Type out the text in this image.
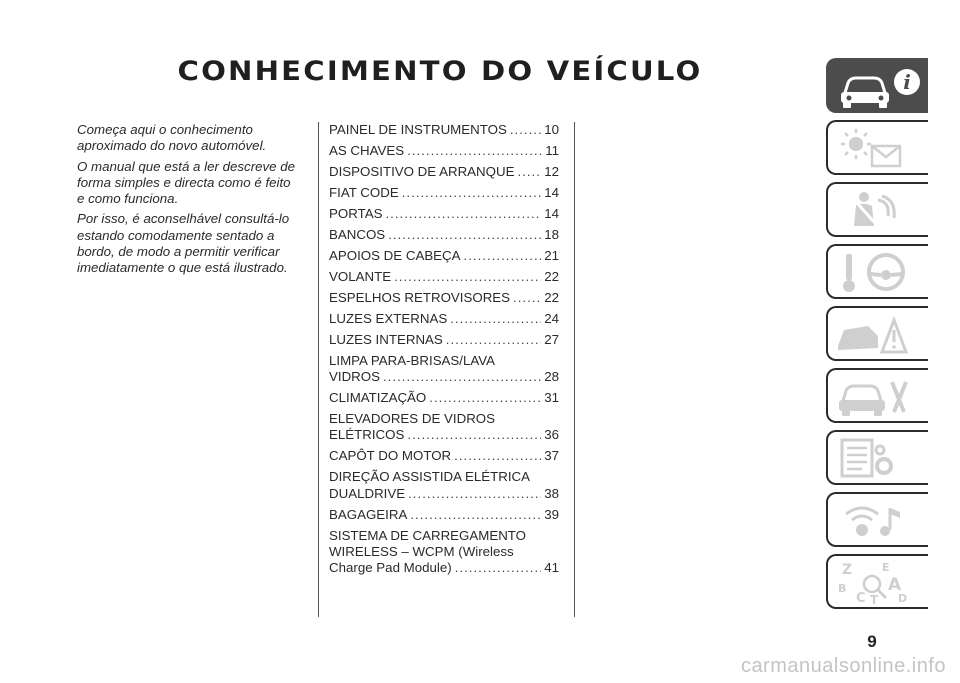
CONHECIMENTO DO VEÍCULO

Começa aqui o conhecimento aproximado do novo automóvel.

O manual que está a ler descreve de forma simples e directa como é feito e como funciona.

Por isso, é aconselhável consultá-lo estando comodamente sentado a bordo, de modo a permitir verificar imediatamente o que está ilustrado.

PAINEL DE INSTRUMENTOS .....	10
AS CHAVES .....	11
DISPOSITIVO DE ARRANQUE ..... 12
FIAT CODE .....	14
PORTAS .....	14
BANCOS .....	18
APOIOS DE CABEÇA .....	21
VOLANTE .....	22
ESPELHOS RETROVISORES .....	22
LUZES EXTERNAS .....	24
LUZES INTERNAS .....	27
LIMPA PARA-BRISAS/LAVA
VIDROS .....	28
CLIMATIZAÇÃO .....	31
ELEVADORES DE VIDROS
ELÉTRICOS .....	36
CAPÔT DO MOTOR .....	37
DIREÇÃO ASSISTIDA ELÉTRICA
DUALDRIVE .....	38
BAGAGEIRA .....	39
SISTEMA DE CARREGAMENTO
WIRELESS – WCPM (Wireless
Charge Pad Module) .....	41
i
Z	E
A
B
C T D
9
carmanualsonline.info
